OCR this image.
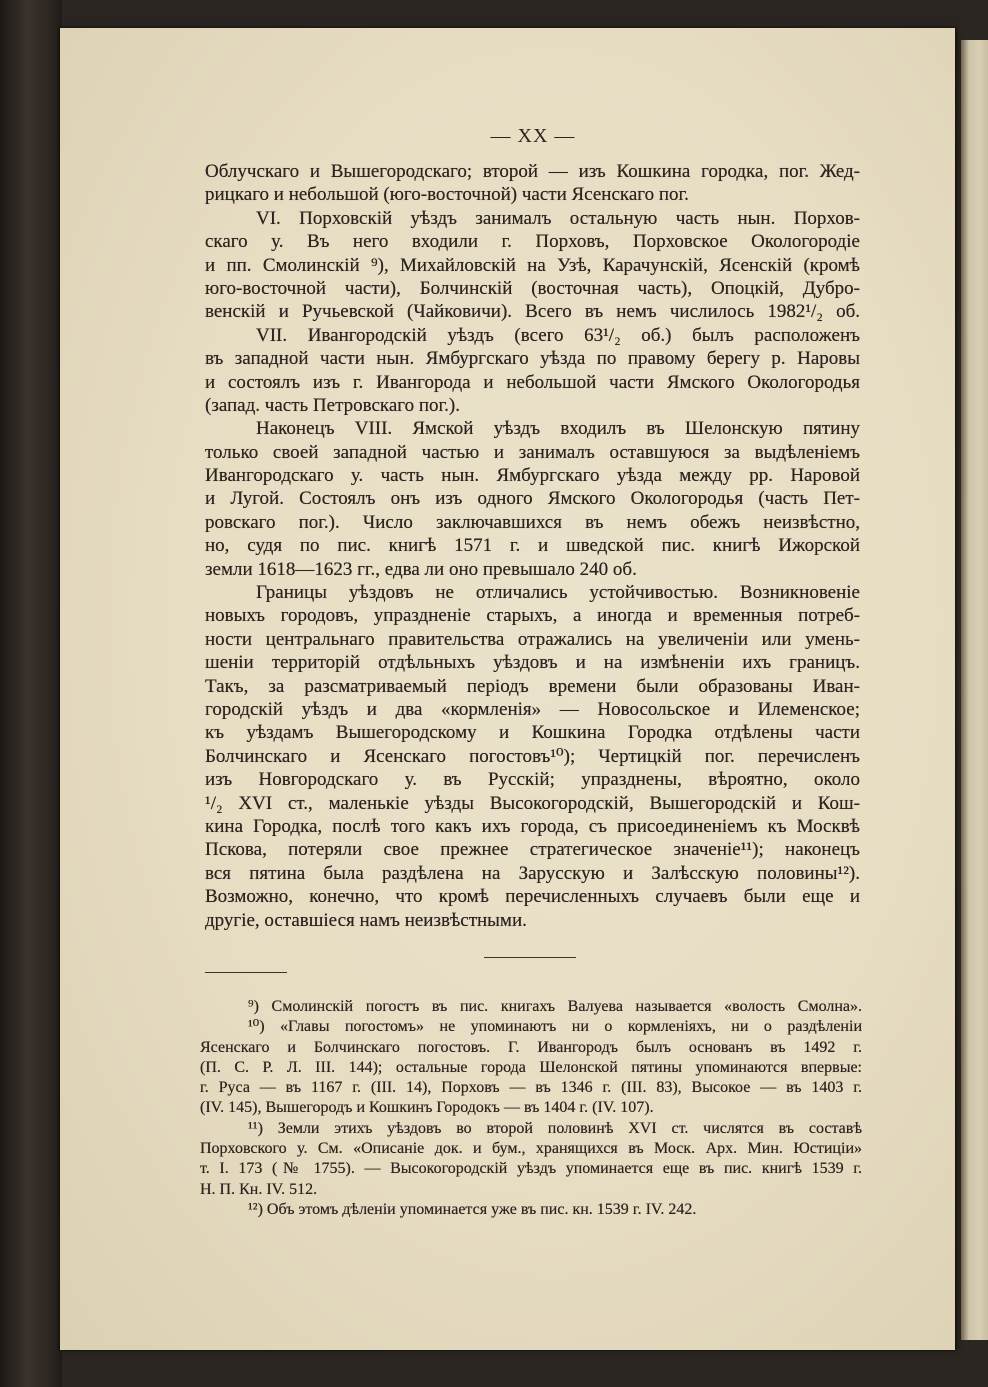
— XX —
Облучскаго и Вышегородскаго; второй — изъ Кошкина городка, пог. Жед-
рицкаго и небольшой (юго-восточной) части Ясенскаго пог.
VI. Порховскій уѣздъ занималъ остальную часть нын. Порхов-
скаго у. Въ него входили г. Порховъ, Порховское Окологородіе
и пп. Смолинскій ⁹), Михайловскій на Узѣ, Карачунскій, Ясенскій (кромѣ
юго-восточной части), Болчинскій (восточная часть), Опоцкій, Дубро-
венскій и Ручьевской (Чайковичи). Всего въ немъ числилось 1982¹/₂ об.
VII. Ивангородскій уѣздъ (всего 63¹/₂ об.) былъ расположенъ
въ западной части нын. Ямбургскаго уѣзда по правому берегу р. Наровы
и состоялъ изъ г. Ивангорода и небольшой части Ямского Окологородья
(запад. часть Петровскаго пог.).
Наконецъ VIII. Ямской уѣздъ входилъ въ Шелонскую пятину
только своей западной частью и занималъ оставшуюся за выдѣленіемъ
Ивангородскаго у. часть нын. Ямбургскаго уѣзда между рр. Наровой
и Лугой. Состоялъ онъ изъ одного Ямского Окологородья (часть Пет-
ровскаго пог.). Число заключавшихся въ немъ обежъ неизвѣстно,
но, судя по пис. книгѣ 1571 г. и шведской пис. книгѣ Ижорской
земли 1618—1623 гг., едва ли оно превышало 240 об.
Границы уѣздовъ не отличались устойчивостью. Возникновеніе
новыхъ городовъ, упраздненіе старыхъ, а иногда и временныя потреб-
ности центральнаго правительства отражались на увеличеніи или умень-
шеніи территорій отдѣльныхъ уѣздовъ и на измѣненіи ихъ границъ.
Такъ, за разсматриваемый періодъ времени были образованы Иван-
городскій уѣздъ и два «кормленія» — Новосольское и Илеменское;
къ уѣздамъ Вышегородскому и Кошкина Городка отдѣлены части
Болчинскаго и Ясенскаго погостовъ¹⁰); Чертицкій пог. перечисленъ
изъ Новгородскаго у. въ Русскій; упразднены, вѣроятно, около
¹/₂ XVI ст., маленькіе уѣзды Высокогородскій, Вышегородскій и Кош-
кина Городка, послѣ того какъ ихъ города, съ присоединеніемъ къ Москвѣ
Пскова, потеряли свое прежнее стратегическое значеніе¹¹); наконецъ
вся пятина была раздѣлена на Зарусскую и Залѣсскую половины¹²).
Возможно, конечно, что кромѣ перечисленныхъ случаевъ были еще и
другіе, оставшіеся намъ неизвѣстными.
⁹) Смолинскій погостъ въ пис. книгахъ Валуева называется «волость Смолна».
¹⁰) «Главы погостомъ» не упоминаютъ ни о кормленіяхъ, ни о раздѣленіи
Ясенскаго и Болчинскаго погостовъ. Г. Ивангородъ былъ основанъ въ 1492 г.
(П. С. Р. Л. III. 144); остальные города Шелонской пятины упоминаются впервые:
г. Руса — въ 1167 г. (III. 14), Порховъ — въ 1346 г. (III. 83), Высокое — въ 1403 г.
(IV. 145), Вышегородъ и Кошкинъ Городокъ — въ 1404 г. (IV. 107).
¹¹) Земли этихъ уѣздовъ во второй половинѣ XVI ст. числятся въ составѣ
Порховского у. См. «Описаніе док. и бум., хранящихся въ Моск. Арх. Мин. Юстиціи»
т. I. 173 (№ 1755). — Высокогородскій уѣздъ упоминается еще въ пис. книгѣ 1539 г.
Н. П. Кн. IV. 512.
¹²) Объ этомъ дѣленіи упоминается уже въ пис. кн. 1539 г. IV. 242.
